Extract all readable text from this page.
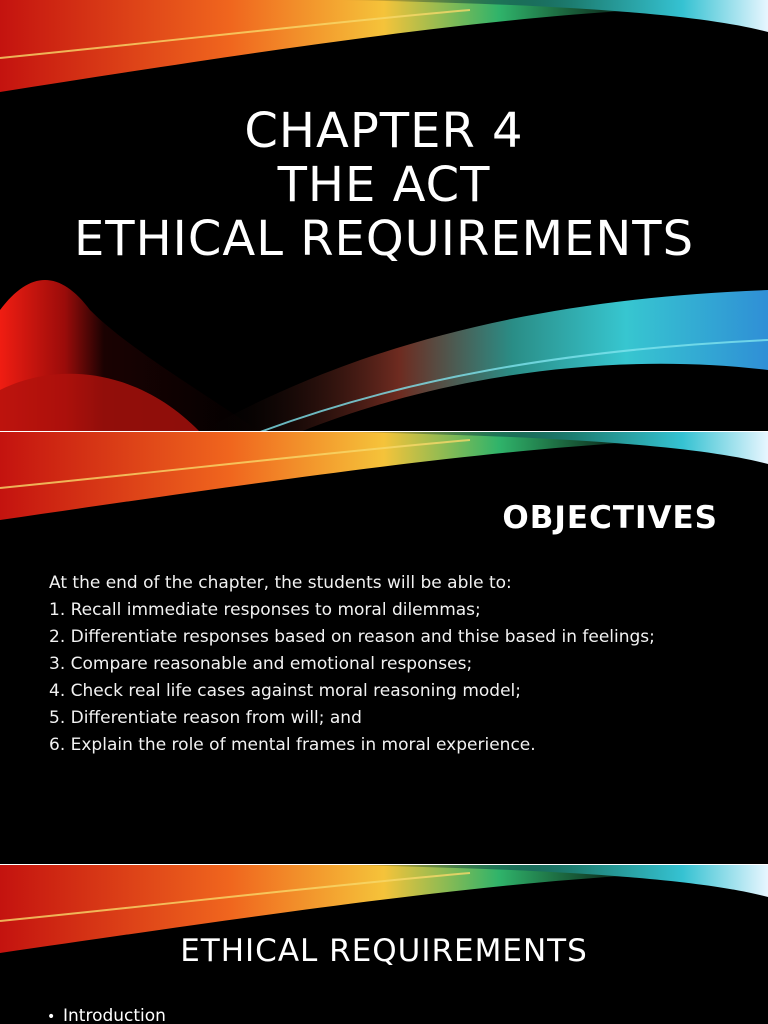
CHAPTER 4
THE ACT
ETHICAL REQUIREMENTS
OBJECTIVES
At the end of the chapter, the students will be able to:
1. Recall immediate responses to moral dilemmas;
2. Differentiate responses based on reason and thise based in feelings;
3. Compare reasonable and emotional responses;
4. Check real life cases against moral reasoning model;
5. Differentiate reason from will; and
6. Explain the role of mental frames in moral experience.
ETHICAL REQUIREMENTS
• Introduction
